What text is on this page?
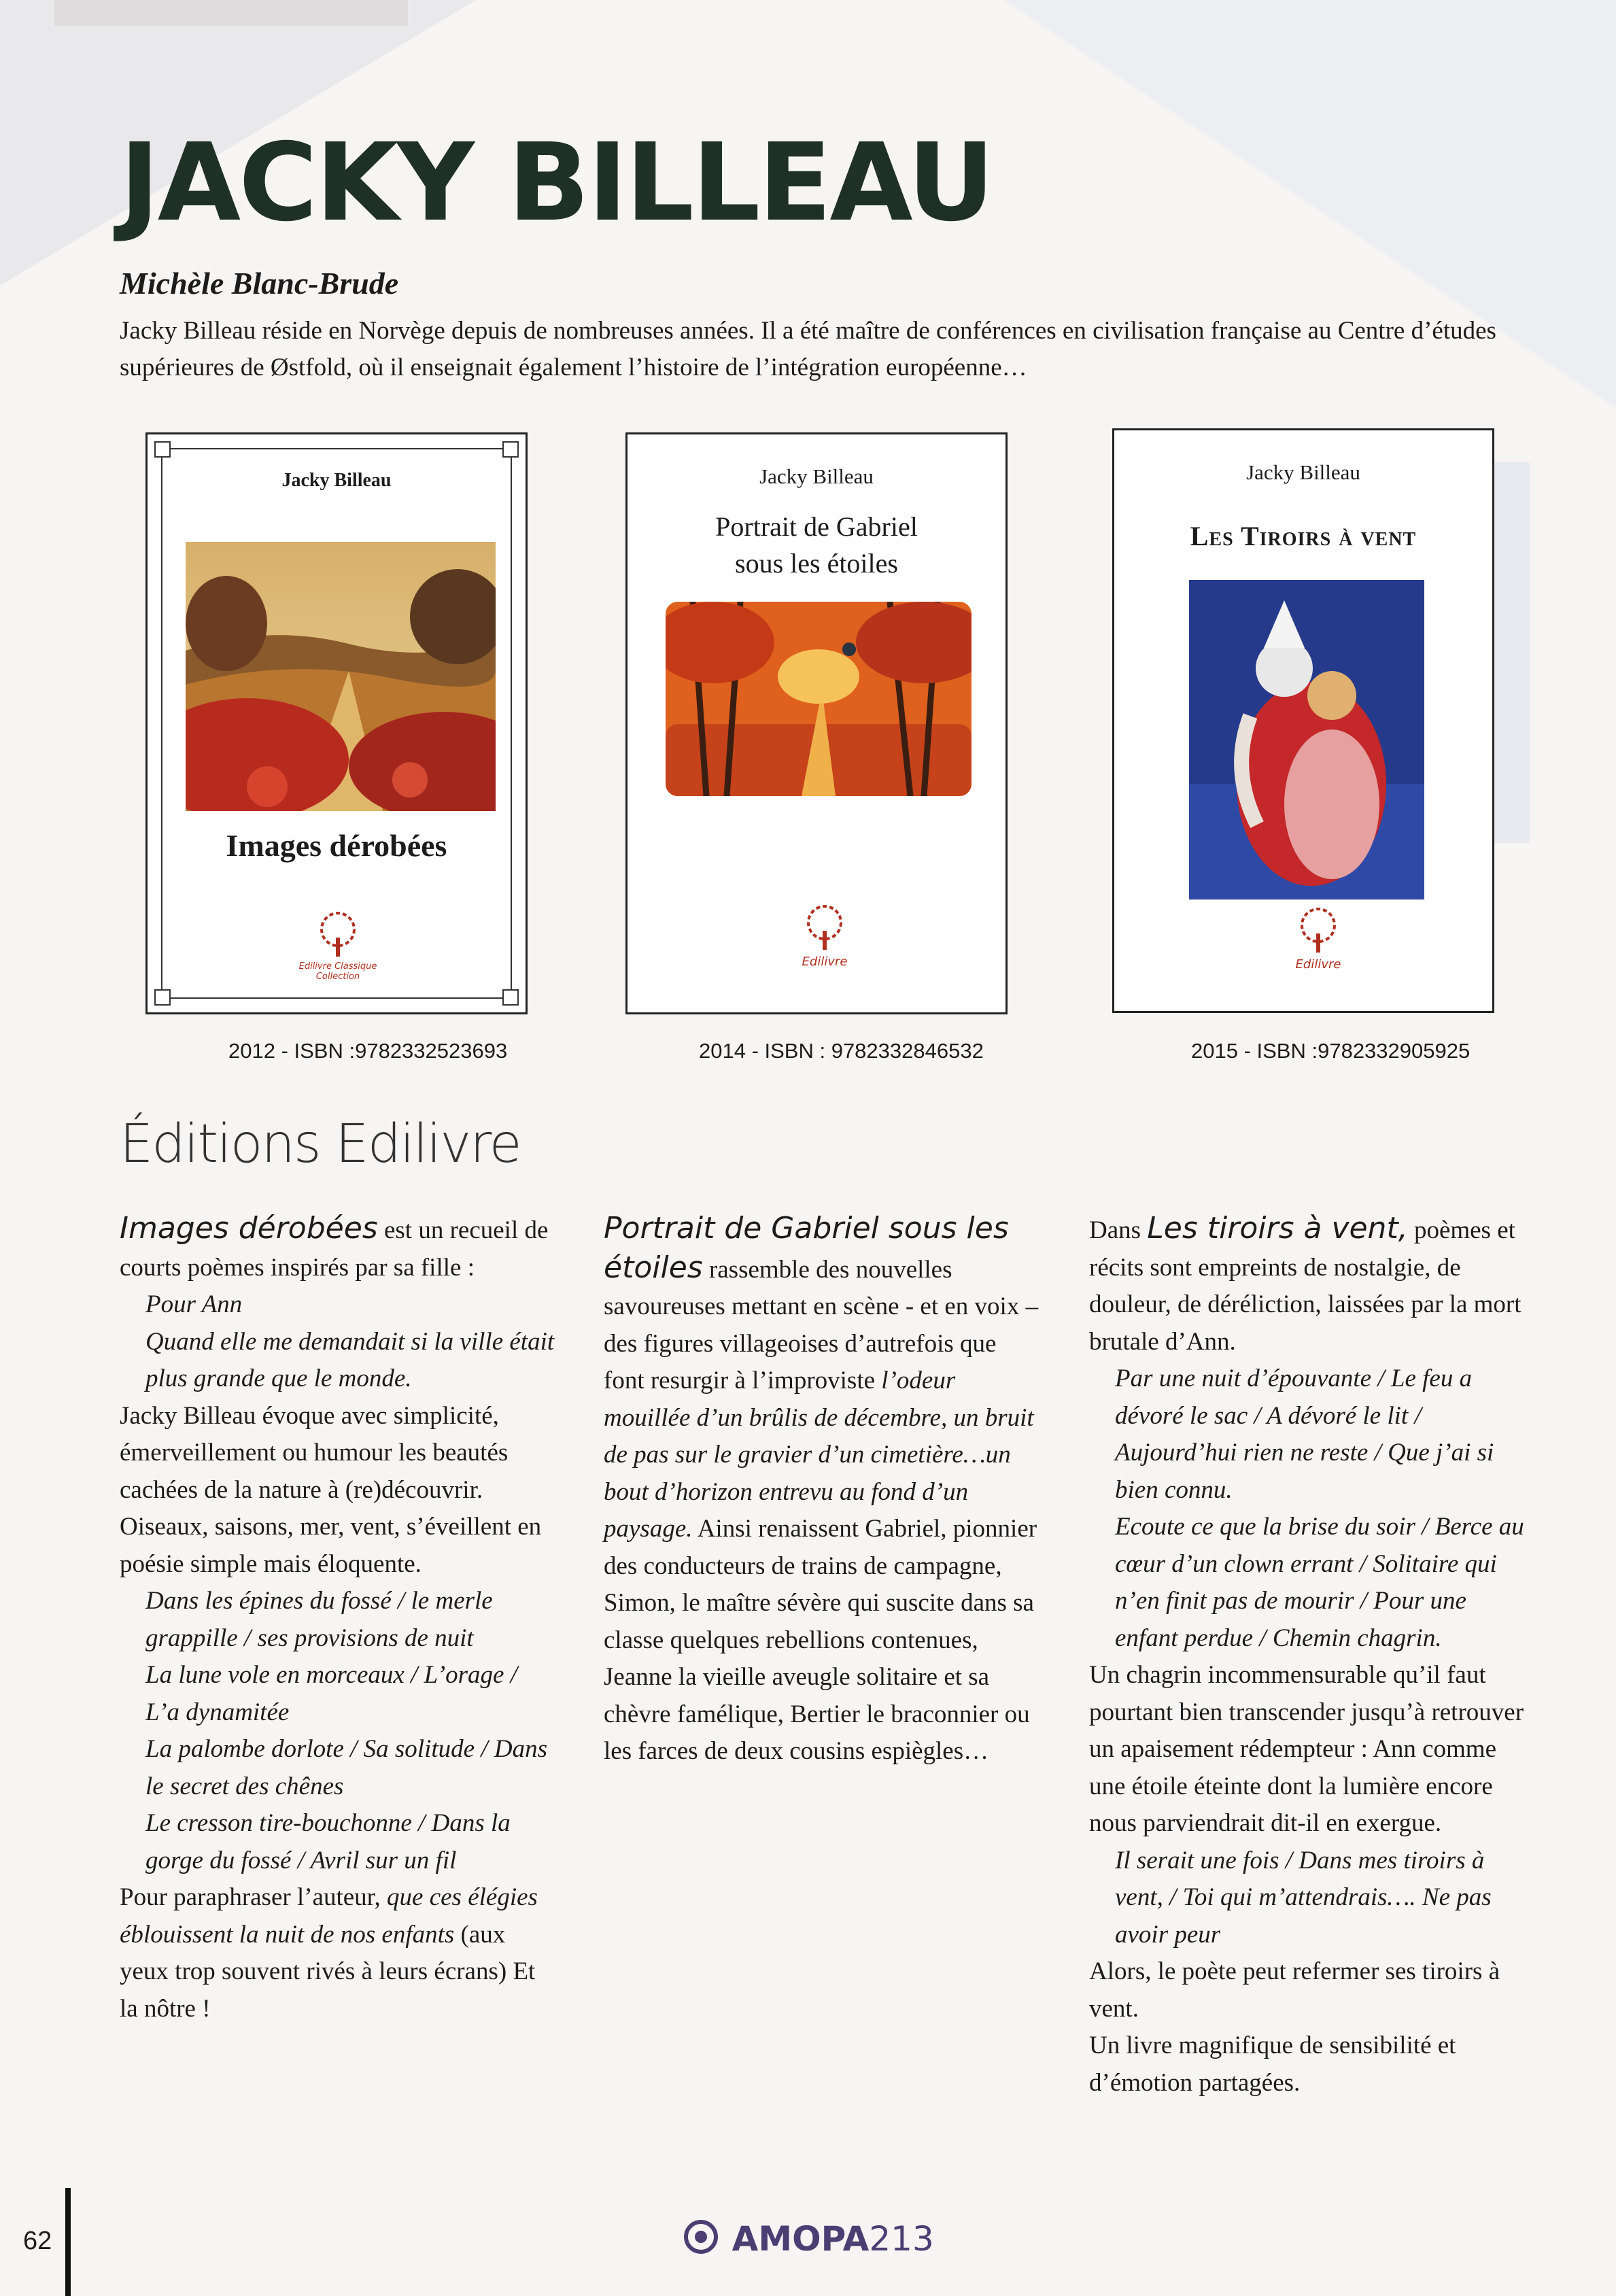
JACKY BILLEAU
Michèle Blanc-Brude

Jacky Billeau réside en Norvège depuis de nombreuses années. Il a été maître de conférences en civilisation française au Centre d’études supérieures de Østfold, où il enseignait également l’histoire de l’intégration européenne…

Jacky Billeau
Images dérobées
Edilivre Classique Collection
2012 - ISBN :9782332523693
Jacky Billeau
Portrait de Gabriel
sous les étoiles
Edilivre
2014 - ISBN : 9782332846532
Jacky Billeau
Les Tiroirs à vent
Edilivre
2015 - ISBN :9782332905925
Éditions Edilivre

Images dérobées est un recueil de courts poèmes inspirés par sa fille :

Pour Ann

Quand elle me demandait si la ville était plus grande que le monde.

Jacky Billeau évoque avec simplicité, émerveillement ou humour les beautés cachées de la nature à (re)découvrir. Oiseaux, saisons, mer, vent, s’éveillent en poésie simple mais éloquente.

Dans les épines du fossé / le merle grappille / ses provisions de nuit

La lune vole en morceaux / L’orage / L’a dynamitée

La palombe dorlote / Sa solitude / Dans le secret des chênes

Le cresson tire-bouchonne / Dans la gorge du fossé / Avril sur un fil

Pour paraphraser l’auteur, que ces élégies éblouissent la nuit de nos enfants (aux yeux trop souvent rivés à leurs écrans) Et la nôtre !

Portrait de Gabriel sous les étoiles rassemble des nouvelles savoureuses mettant en scène - et en voix – des figures villageoises d’autrefois que font resurgir à l’improviste l’odeur mouillée d’un brûlis de décembre, un bruit de pas sur le gravier d’un cimetière…un bout d’horizon entrevu au fond d’un paysage. Ainsi renaissent Gabriel, pionnier des conducteurs de trains de campagne, Simon, le maître sévère qui suscite dans sa classe quelques rebellions contenues, Jeanne la vieille aveugle solitaire et sa chèvre famélique, Bertier le braconnier ou les farces de deux cousins espiègles…

Dans Les tiroirs à vent, poèmes et récits sont empreints de nostalgie, de douleur, de déréliction, laissées par la mort brutale d’Ann.

Par une nuit d’épouvante / Le feu a dévoré le sac / A dévoré le lit / Aujourd’hui rien ne reste / Que j’ai si bien connu.

Ecoute ce que la brise du soir / Berce au cœur d’un clown errant / Solitaire qui n’en finit pas de mourir / Pour une enfant perdue / Chemin chagrin.

Un chagrin incommensurable qu’il faut pourtant bien transcender jusqu’à retrouver un apaisement rédempteur : Ann comme une étoile éteinte dont la lumière encore nous parviendrait dit-il en exergue.

Il serait une fois / Dans mes tiroirs à vent, / Toi qui m’attendrais…. Ne pas avoir peur

Alors, le poète peut refermer ses tiroirs à vent.

Un livre magnifique de sensibilité et d’émotion partagées.

62	AMOPA213
